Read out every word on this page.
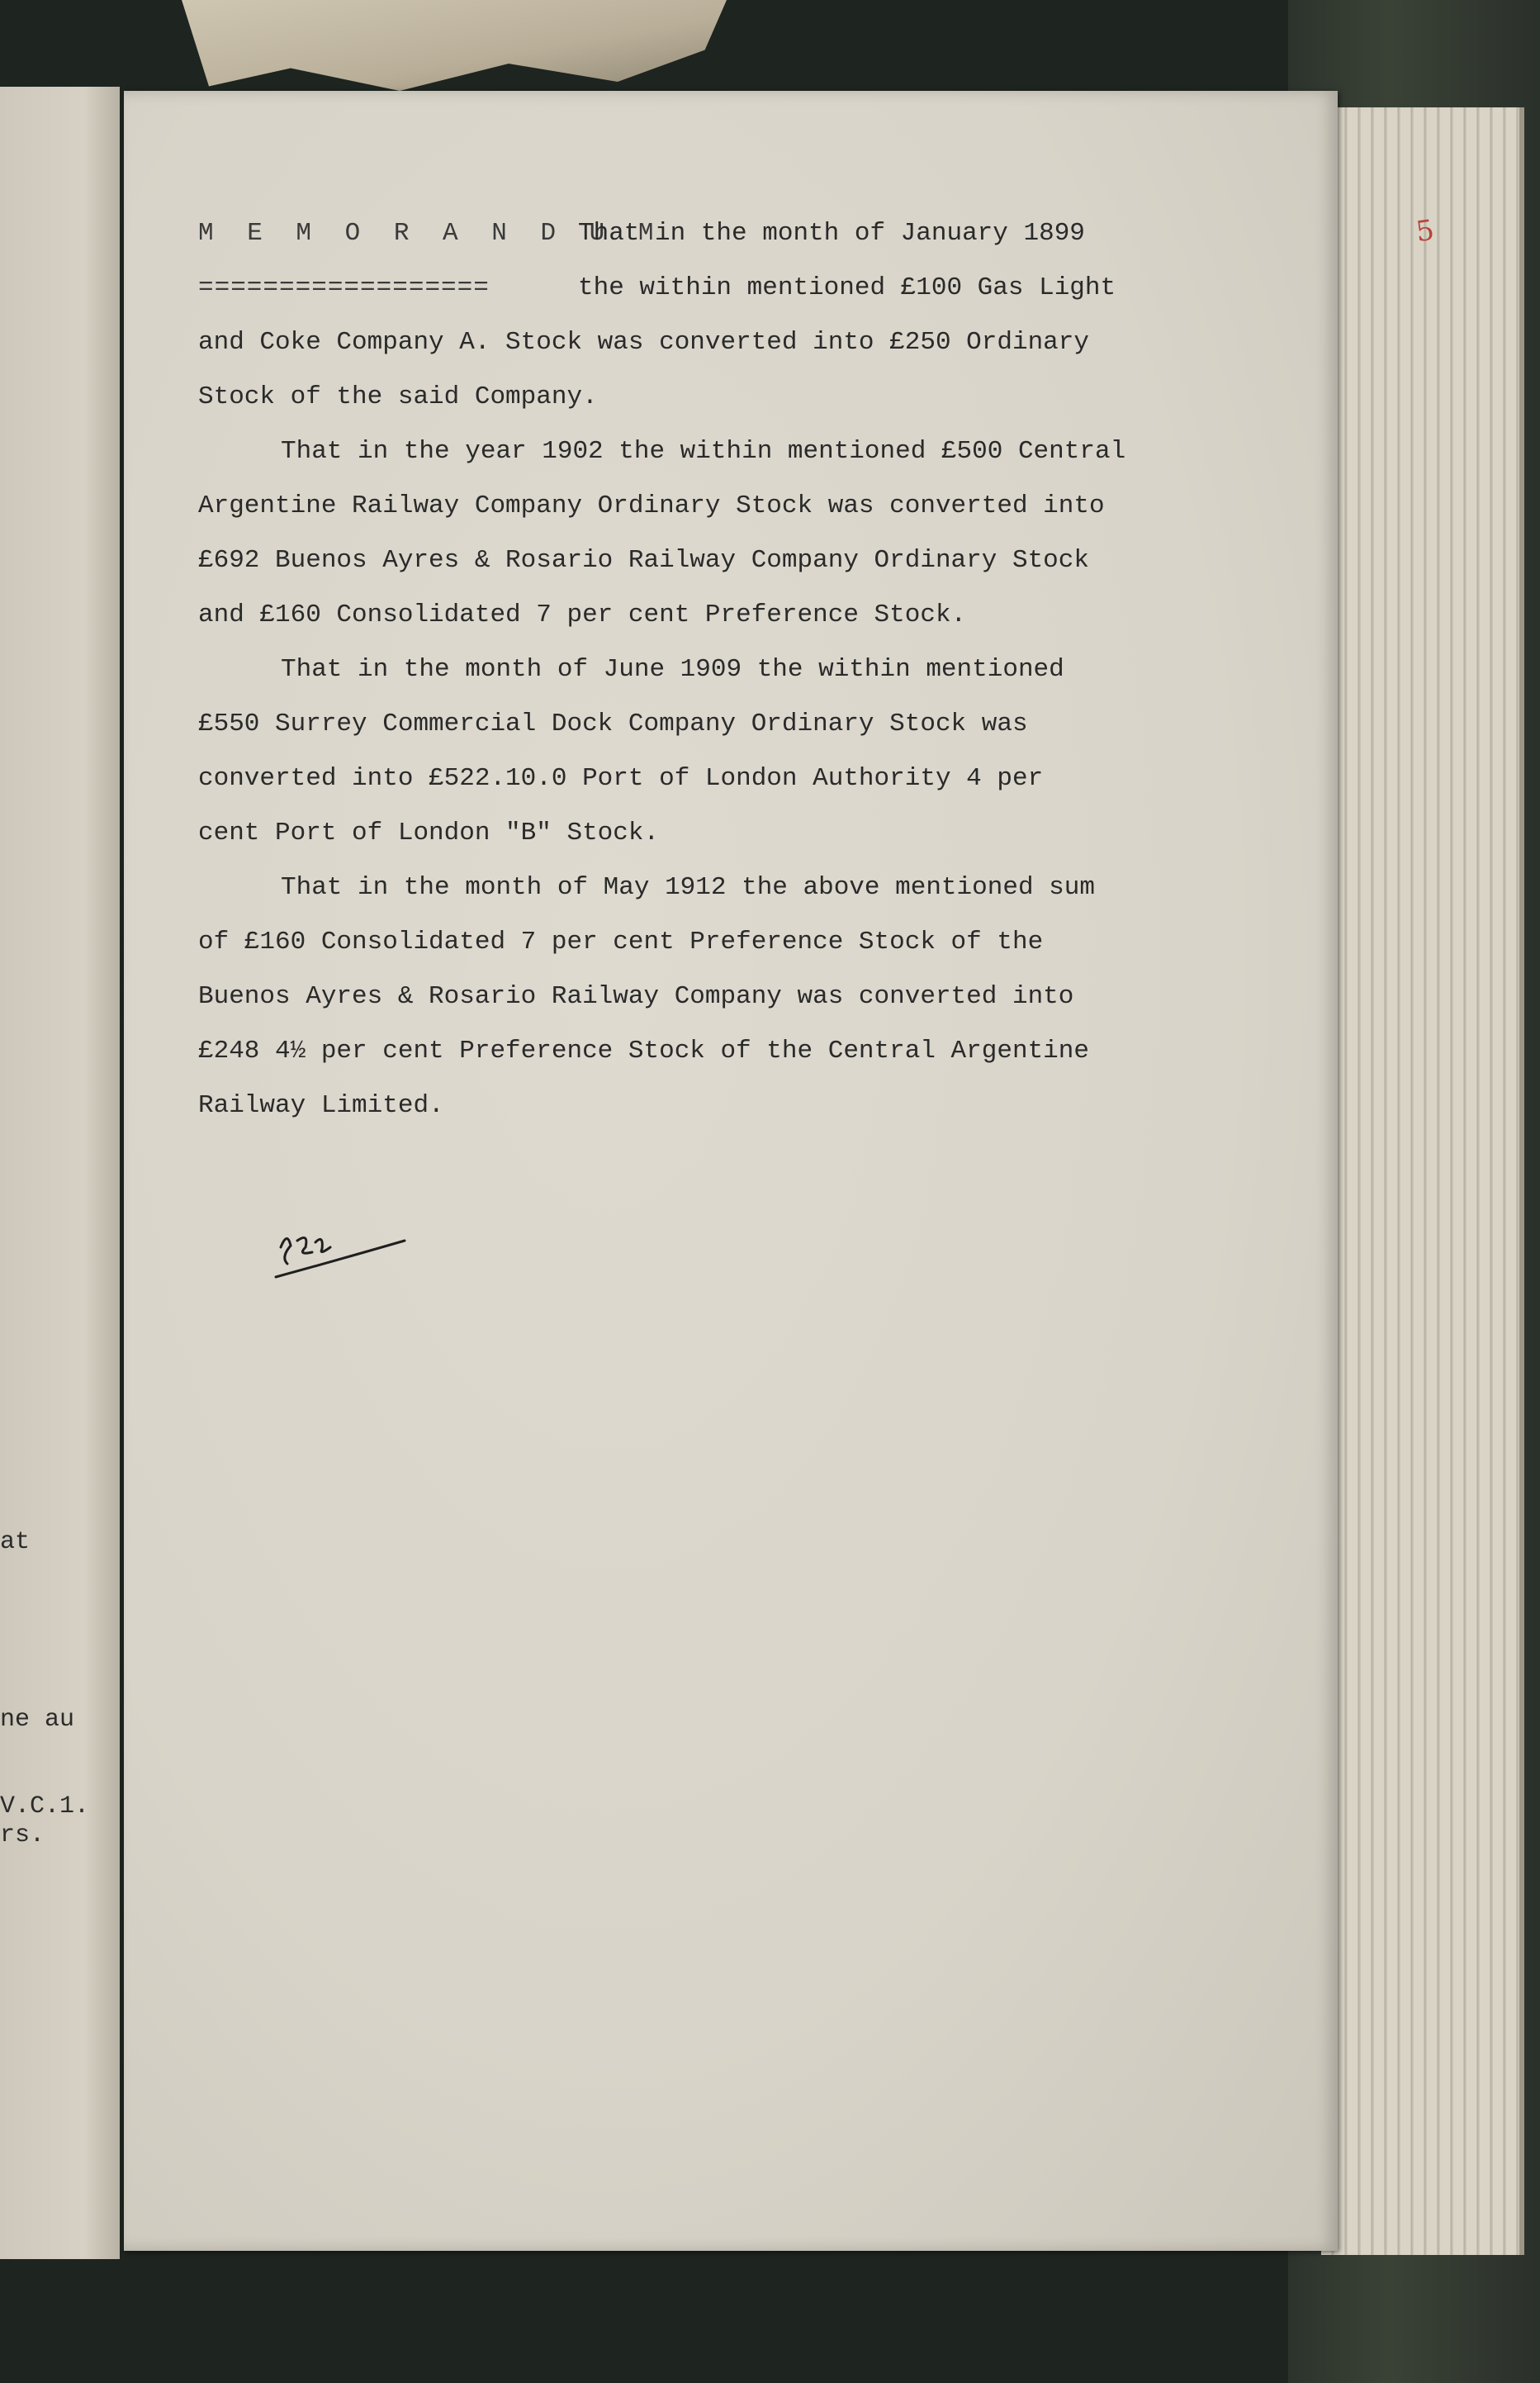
at
ne au
V.C.1.
rs.
5
M E M O R A N D U M
==================
That in the month of January 1899
the within mentioned £100 Gas Light
and Coke Company A. Stock was converted into £250 Ordinary
Stock of the said Company.
That in the year 1902 the within mentioned £500 Central
Argentine Railway Company Ordinary Stock was converted into
£692 Buenos Ayres & Rosario Railway Company Ordinary Stock
and £160 Consolidated 7 per cent Preference Stock.
That in the month of June 1909 the within mentioned
£550 Surrey Commercial Dock Company Ordinary Stock was
converted into £522.10.0 Port of London Authority 4 per
cent Port of London "B" Stock.
That in the month of May 1912 the above mentioned sum
of £160 Consolidated 7 per cent Preference Stock of the
Buenos Ayres & Rosario Railway Company was converted into
£248 4½ per cent Preference Stock of the Central Argentine
Railway Limited.
